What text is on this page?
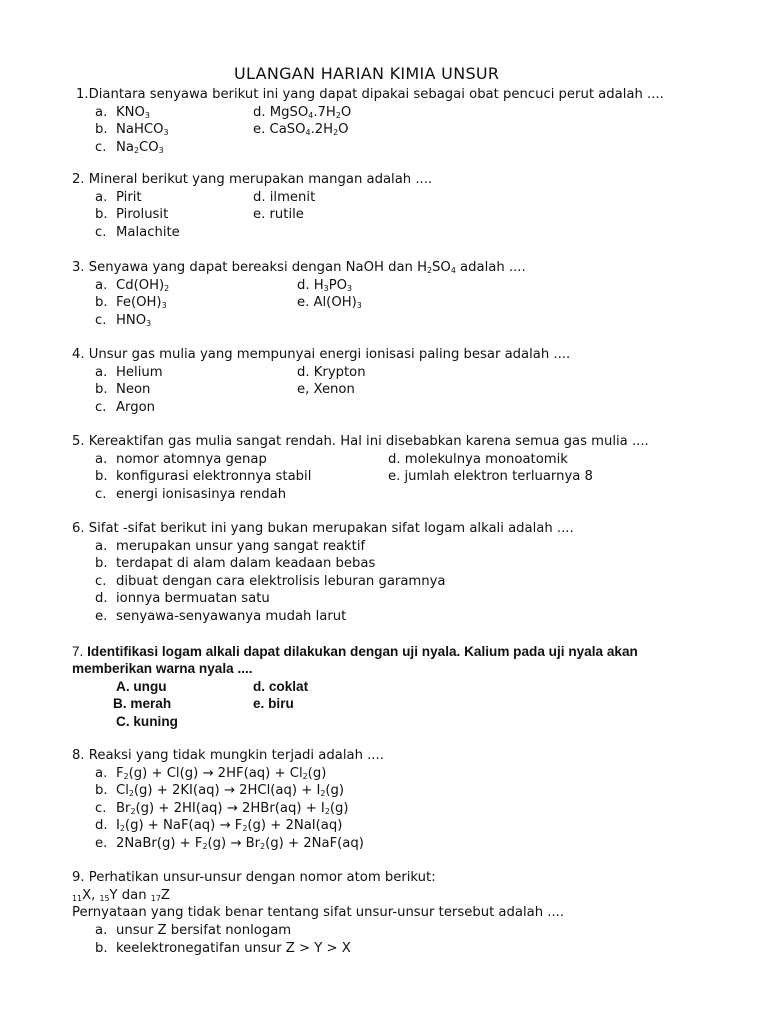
ULANGAN HARIAN KIMIA UNSUR
1.Diantara senyawa berikut ini yang dapat dipakai sebagai obat pencuci perut adalah ....
a. $KNO_3$	d. $MgSO_4.7H_2O$
b. NaHCO$_3$	e. $CaSO_4.2H_2O$
c. $Na_2CO_3$
2. Mineral berikut yang merupakan mangan adalah ....
a. Pirit	d. ilmenit
b. Pirolusit	e. rutile
c. Malachite
3. Senyawa yang dapat bereaksi dengan NaOH dan $H_2SO_4$ adalah ....
a. $Cd(OH)_2$	d. $H_3PO_3$
b. $Fe(OH)_3$	e. $Al(OH)_3$
c. $HNO_3$
4. Unsur gas mulia yang mempunyai energi ionisasi paling besar adalah ....
a. Helium	d. Krypton
b. Neon	e, Xenon
c. Argon
5. Kereaktifan gas mulia sangat rendah. Hal ini disebabkan karena semua gas mulia ....
a. nomor atomnya genap	d. molekulnya monoatomik
b. konfigurasi elektronnya stabil	e. jumlah elektron terluarnya 8
c. energi ionisasinya rendah
6. Sifat -sifat berikut ini yang bukan merupakan sifat logam alkali adalah ....
a. merupakan unsur yang sangat reaktif
b. terdapat di alam dalam keadaan bebas
c. dibuat dengan cara elektrolisis leburan garamnya
d. ionnya bermuatan satu
e. senyawa-senyawanya mudah larut
7. Identifikasi logam alkali dapat dilakukan dengan uji nyala. Kalium pada uji nyala akan
memberikan warna nyala ....
A. ungu	d. coklat
B. merah	e. biru
C. kuning
8. Reaksi yang tidak mungkin terjadi adalah ....
a. $F_2(g) + Cl(g) \to 2HF(aq) + Cl_2(g)$
b. $Cl_2(g) + 2KI(aq) \to 2HCl(aq) + I_2(g)$
c. $Br_2(g) + 2HI(aq) \to 2HBr(aq) + I_2(g)$
d. $I_2(g) + NaF(aq) \to F_2(g) + 2NaI(aq)$
e. 2NaBr(g) + $F_2(g) \to Br_2(g) + 2NaF(aq)$
9. Perhatikan unsur-unsur dengan nomor atom berikut:
$_{11}$X, $_{15}$Y dan $_{17}$Z
Pernyataan yang tidak benar tentang sifat unsur-unsur tersebut adalah ....
a. unsur Z bersifat nonlogam
b. keelektronegatifan unsur Z > Y > X
